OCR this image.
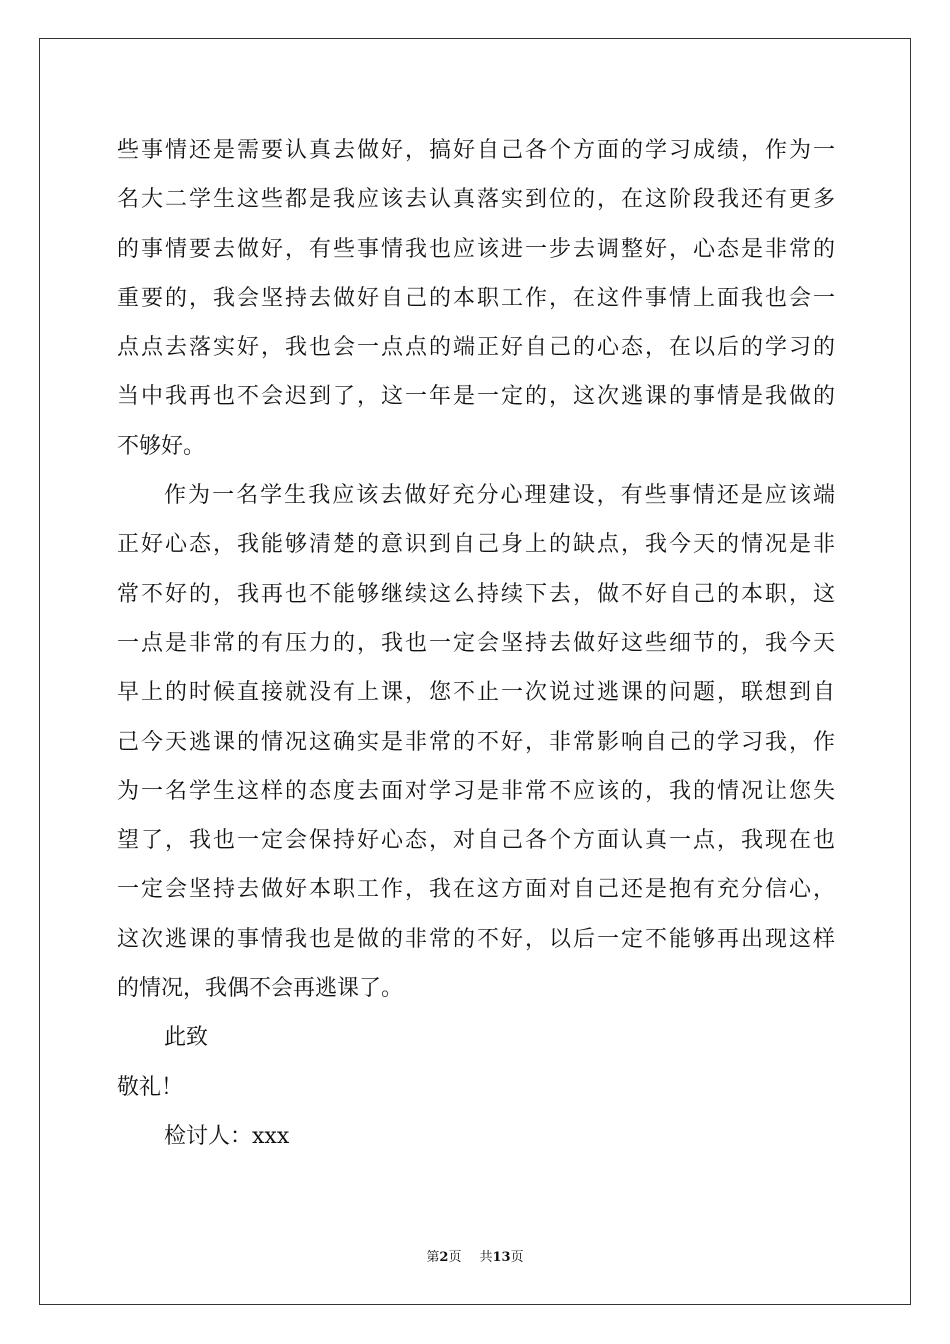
些事情还是需要认真去做好，搞好自己各个方面的学习成绩，作为一
名大二学生这些都是我应该去认真落实到位的，在这阶段我还有更多
的事情要去做好，有些事情我也应该进一步去调整好，心态是非常的
重要的，我会坚持去做好自己的本职工作，在这件事情上面我也会一
点点去落实好，我也会一点点的端正好自己的心态，在以后的学习的
当中我再也不会迟到了，这一年是一定的，这次逃课的事情是我做的
不够好。
作为一名学生我应该去做好充分心理建设，有些事情还是应该端
正好心态，我能够清楚的意识到自己身上的缺点，我今天的情况是非
常不好的，我再也不能够继续这么持续下去，做不好自己的本职，这
一点是非常的有压力的，我也一定会坚持去做好这些细节的，我今天
早上的时候直接就没有上课，您不止一次说过逃课的问题，联想到自
己今天逃课的情况这确实是非常的不好，非常影响自己的学习我，作
为一名学生这样的态度去面对学习是非常不应该的，我的情况让您失
望了，我也一定会保持好心态，对自己各个方面认真一点，我现在也
一定会坚持去做好本职工作，我在这方面对自己还是抱有充分信心，
这次逃课的事情我也是做的非常的不好，以后一定不能够再出现这样
的情况，我偶不会再逃课了。
此致
敬礼！
检讨人：xxx
第2页 共13页
